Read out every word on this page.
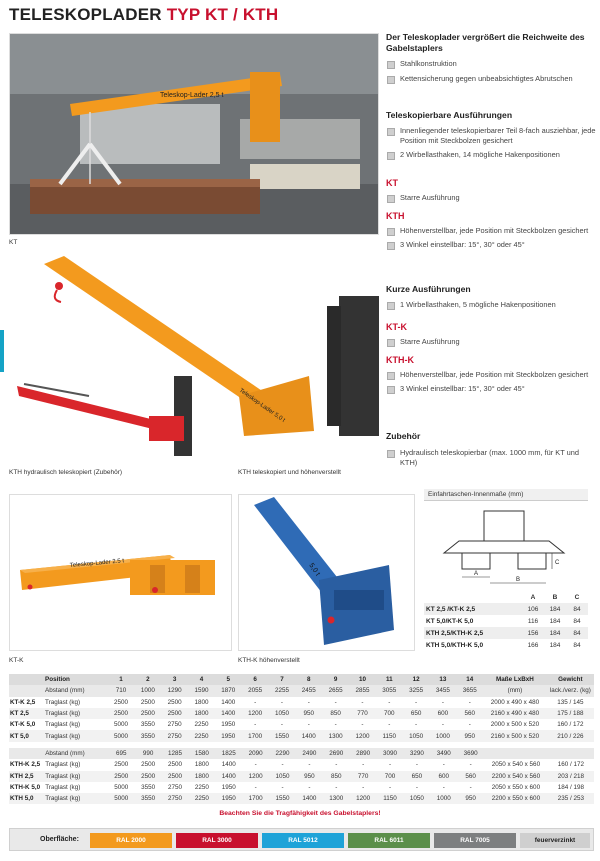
TELESKOPLADER TYP KT / KTH
Teleskop-Lader 2,5 t
KT
Teleskop-Lader 5,0 t
KTH hydraulisch teleskopiert (Zubehör)	KTH teleskopiert und höhenverstellt
Teleskop-Lader 2.5 t
KT-K
5,0 t
KTH-K höhenverstellt
Der Teleskoplader vergrößert die Reichweite des Gabelstaplers
Stahlkonstruktion
Kettensicherung gegen unbeabsichtigtes Abrutschen
Teleskopierbare Ausführungen
Innenliegender teleskopierbarer Teil 8-fach ausziehbar, jede Position mit Steckbolzen gesichert
2 Wirbellasthaken, 14 mögliche Hakenpositionen
KT
Starre Ausführung
KTH
Höhenverstellbar, jede Position mit Steckbolzen gesichert
3 Winkel einstellbar: 15°, 30° oder 45°
Kurze Ausführungen
1 Wirbellasthaken, 5 mögliche Hakenpositionen
KT-K
Starre Ausführung
KTH-K
Höhenverstellbar, jede Position mit Steckbolzen gesichert
3 Winkel einstellbar: 15°, 30° oder 45°
Zubehör
Hydraulisch teleskopierbar (max. 1000 mm, für KT und KTH)
Einfahrtaschen-Innenmaße (mm)
A
B
C
	A	B	C
KT 2,5 /KT-K 2,5	106	184	84
KT 5,0/KT-K 5,0	116	184	84
KTH 2,5/KTH-K 2,5	156	184	84
KTH 5,0/KTH-K 5,0	166	184	84
	Position	1	2	3	4	5	6	7	8	9	10	11	12	13	14	Maße LxBxH	Gewicht
	Abstand (mm)	710	1000	1290	1590	1870	2055	2255	2455	2655	2855	3055	3255	3455	3655	(mm)	lack./verz. (kg)
KT-K 2,5	Traglast (kg)	2500	2500	2500	1800	1400	-	-	-	-	-	-	-	-	-	2000 x 490 x 480	135 / 145
KT 2,5	Traglast (kg)	2500	2500	2500	1800	1400	1200	1050	950	850	770	700	650	600	560	2160 x 490 x 480	175 / 188
KT-K 5,0	Traglast (kg)	5000	3550	2750	2250	1950	-	-	-	-	-	-	-	-	-	2000 x 500 x 520	160 / 172
KT 5,0	Traglast (kg)	5000	3550	2750	2250	1950	1700	1550	1400	1300	1200	1150	1050	1000	950	2160 x 500 x 520	210 / 226
	Abstand (mm)	695	990	1285	1580	1825	2090	2290	2490	2690	2890	3090	3290	3490	3690		
KTH-K 2,5	Traglast (kg)	2500	2500	2500	1800	1400	-	-	-	-	-	-	-	-	-	2050 x 540 x 560	160 / 172
KTH 2,5	Traglast (kg)	2500	2500	2500	1800	1400	1200	1050	950	850	770	700	650	600	560	2200 x 540 x 560	203 / 218
KTH-K 5,0	Traglast (kg)	5000	3550	2750	2250	1950	-	-	-	-	-	-	-	-	-	2050 x 550 x 600	184 / 198
KTH 5,0	Traglast (kg)	5000	3550	2750	2250	1950	1700	1550	1400	1300	1200	1150	1050	1000	950	2200 x 550 x 600	235 / 253
Beachten Sie die Tragfähigkeit des Gabelstaplers!
Oberfläche:	RAL 2000	RAL 3000	RAL 5012	RAL 6011	RAL 7005	feuerverzinkt
